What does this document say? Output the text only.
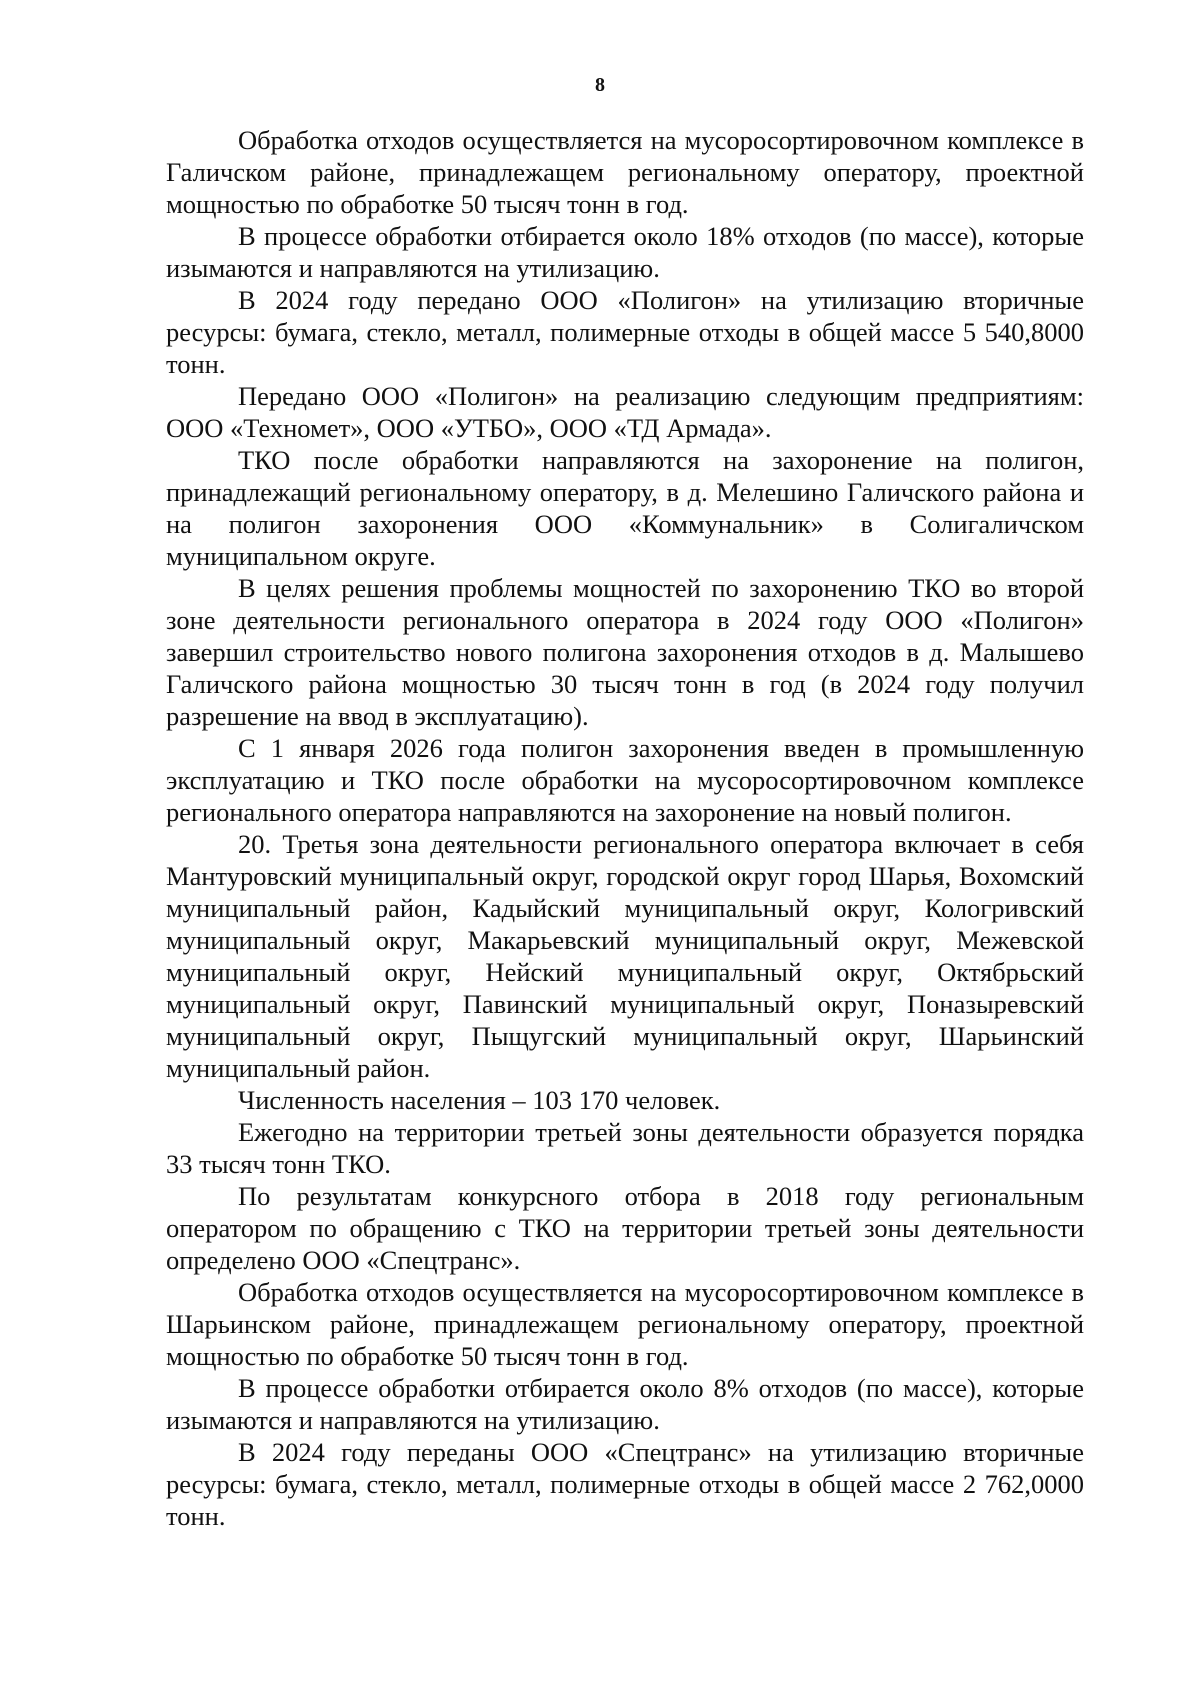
8

Обработка отходов осуществляется на мусоросортировочном комплексе в Галичском районе, принадлежащем региональному оператору, проектной мощностью по обработке 50 тысяч тонн в год.

В процессе обработки отбирается около 18% отходов (по массе), которые изымаются и направляются на утилизацию.

В 2024 году передано ООО «Полигон» на утилизацию вторичные ресурсы: бумага, стекло, металл, полимерные отходы в общей массе 5 540,8000 тонн.

Передано ООО «Полигон» на реализацию следующим предприятиям: ООО «Техномет», ООО «УТБО», ООО «ТД Армада».

ТКО после обработки направляются на захоронение на полигон, принадлежащий региональному оператору, в д. Мелешино Галичского района и на полигон захоронения ООО «Коммунальник» в Солигаличском муниципальном округе.

В целях решения проблемы мощностей по захоронению ТКО во второй зоне деятельности регионального оператора в 2024 году ООО «Полигон» завершил строительство нового полигона захоронения отходов в д. Малышево Галичского района мощностью 30 тысяч тонн в год (в 2024 году получил разрешение на ввод в эксплуатацию).

С 1 января 2026 года полигон захоронения введен в промышленную эксплуатацию и ТКО после обработки на мусоросортировочном комплексе регионального оператора направляются на захоронение на новый полигон.

20. Третья зона деятельности регионального оператора включает в себя Мантуровский муниципальный округ, городской округ город Шарья, Вохомский муниципальный район, Кадыйский муниципальный округ, Кологривский муниципальный округ, Макарьевский муниципальный округ, Межевской муниципальный округ, Нейский муниципальный округ, Октябрьский муниципальный округ, Павинский муниципальный округ, Поназыревский муниципальный округ, Пыщугский муниципальный округ, Шарьинский муниципальный район.

Численность населения – 103 170 человек.

Ежегодно на территории третьей зоны деятельности образуется порядка 33 тысяч тонн ТКО.

По результатам конкурсного отбора в 2018 году региональным оператором по обращению с ТКО на территории третьей зоны деятельности определено ООО «Спецтранс».

Обработка отходов осуществляется на мусоросортировочном комплексе в Шарьинском районе, принадлежащем региональному оператору, проектной мощностью по обработке 50 тысяч тонн в год.

В процессе обработки отбирается около 8% отходов (по массе), которые изымаются и направляются на утилизацию.

В 2024 году переданы ООО «Спецтранс» на утилизацию вторичные ресурсы: бумага, стекло, металл, полимерные отходы в общей массе 2 762,0000 тонн.
